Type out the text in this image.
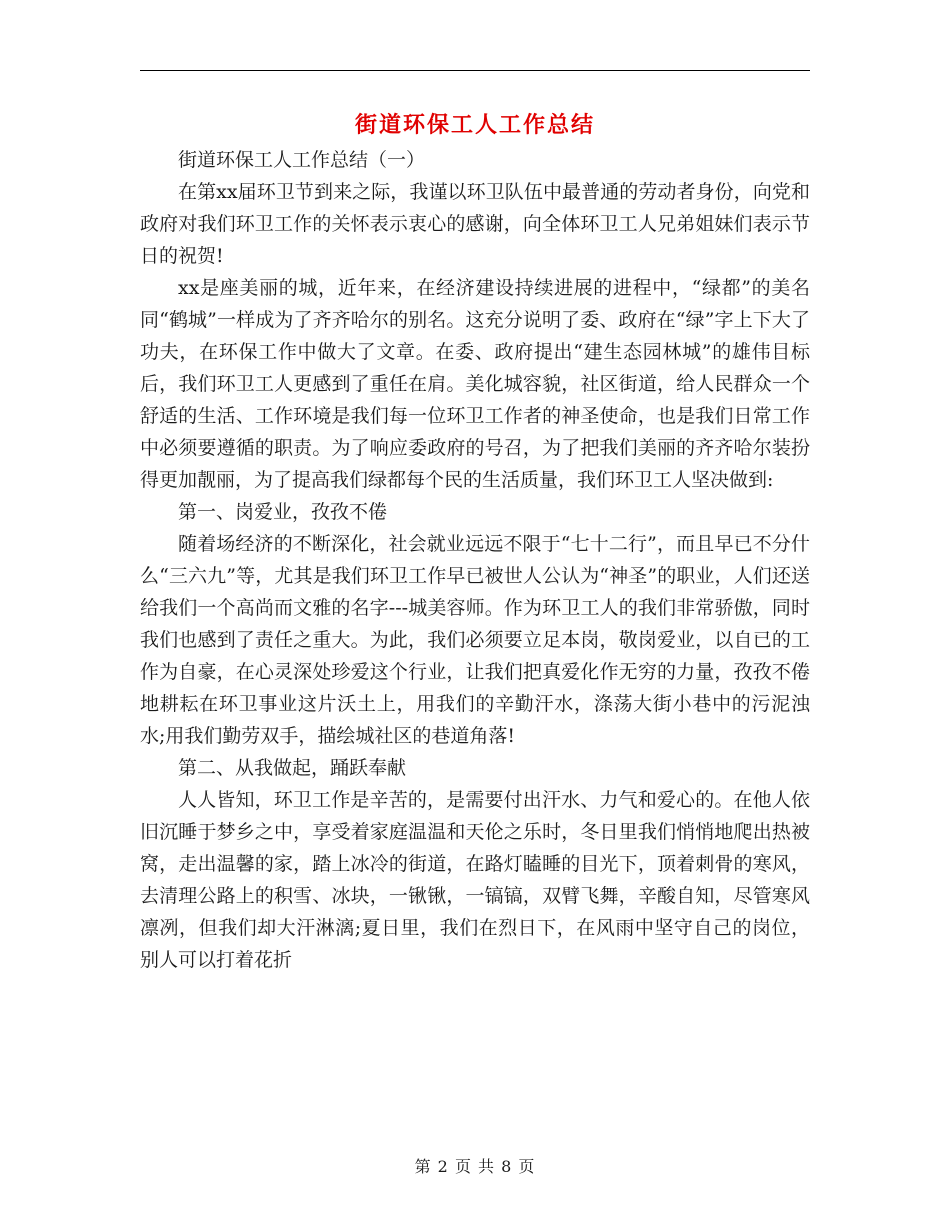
街道环保工人工作总结

街道环保工人工作总结（一）

在第xx届环卫节到来之际，我谨以环卫队伍中最普通的劳动者身份，向党和政府对我们环卫工作的关怀表示衷心的感谢，向全体环卫工人兄弟姐妹们表示节日的祝贺!

xx是座美丽的城，近年来，在经济建设持续进展的进程中，“绿都”的美名同“鹤城”一样成为了齐齐哈尔的别名。这充分说明了委、政府在“绿”字上下大了功夫，在环保工作中做大了文章。在委、政府提出“建生态园林城”的雄伟目标后，我们环卫工人更感到了重任在肩。美化城容貌，社区街道，给人民群众一个舒适的生活、工作环境是我们每一位环卫工作者的神圣使命，也是我们日常工作中必须要遵循的职责。为了响应委政府的号召，为了把我们美丽的齐齐哈尔装扮得更加靓丽，为了提高我们绿都每个民的生活质量，我们环卫工人坚决做到:

第一、岗爱业，孜孜不倦

随着场经济的不断深化，社会就业远远不限于“七十二行”，而且早已不分什么“三六九”等，尤其是我们环卫工作早已被世人公认为“神圣”的职业，人们还送给我们一个高尚而文雅的名字---城美容师。作为环卫工人的我们非常骄傲，同时我们也感到了责任之重大。为此，我们必须要立足本岗，敬岗爱业，以自已的工作为自豪，在心灵深处珍爱这个行业，让我们把真爱化作无穷的力量，孜孜不倦地耕耘在环卫事业这片沃土上，用我们的辛勤汗水，涤荡大街小巷中的污泥浊水;用我们勤劳双手，描绘城社区的巷道角落!

第二、从我做起，踊跃奉献

人人皆知，环卫工作是辛苦的，是需要付出汗水、力气和爱心的。在他人依旧沉睡于梦乡之中，享受着家庭温温和天伦之乐时，冬日里我们悄悄地爬出热被窝，走出温馨的家，踏上冰冷的街道，在路灯瞌睡的目光下，顶着刺骨的寒风，去清理公路上的积雪、冰块，一锹锹，一镐镐，双臂飞舞，辛酸自知，尽管寒风凛冽，但我们却大汗淋漓;夏日里，我们在烈日下，在风雨中坚守自己的岗位，别人可以打着花折

第 2 页 共 8 页
